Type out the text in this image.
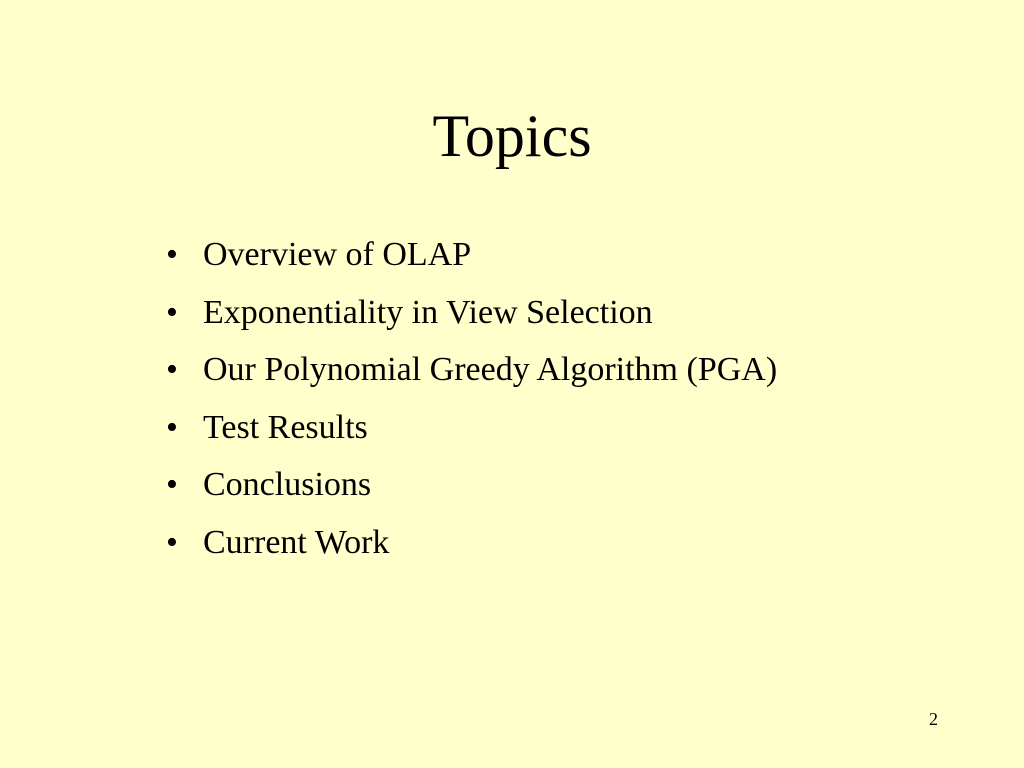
Topics
• Overview of OLAP
• Exponentiality in View Selection
• Our Polynomial Greedy Algorithm (PGA)
• Test Results
• Conclusions
• Current Work
2
